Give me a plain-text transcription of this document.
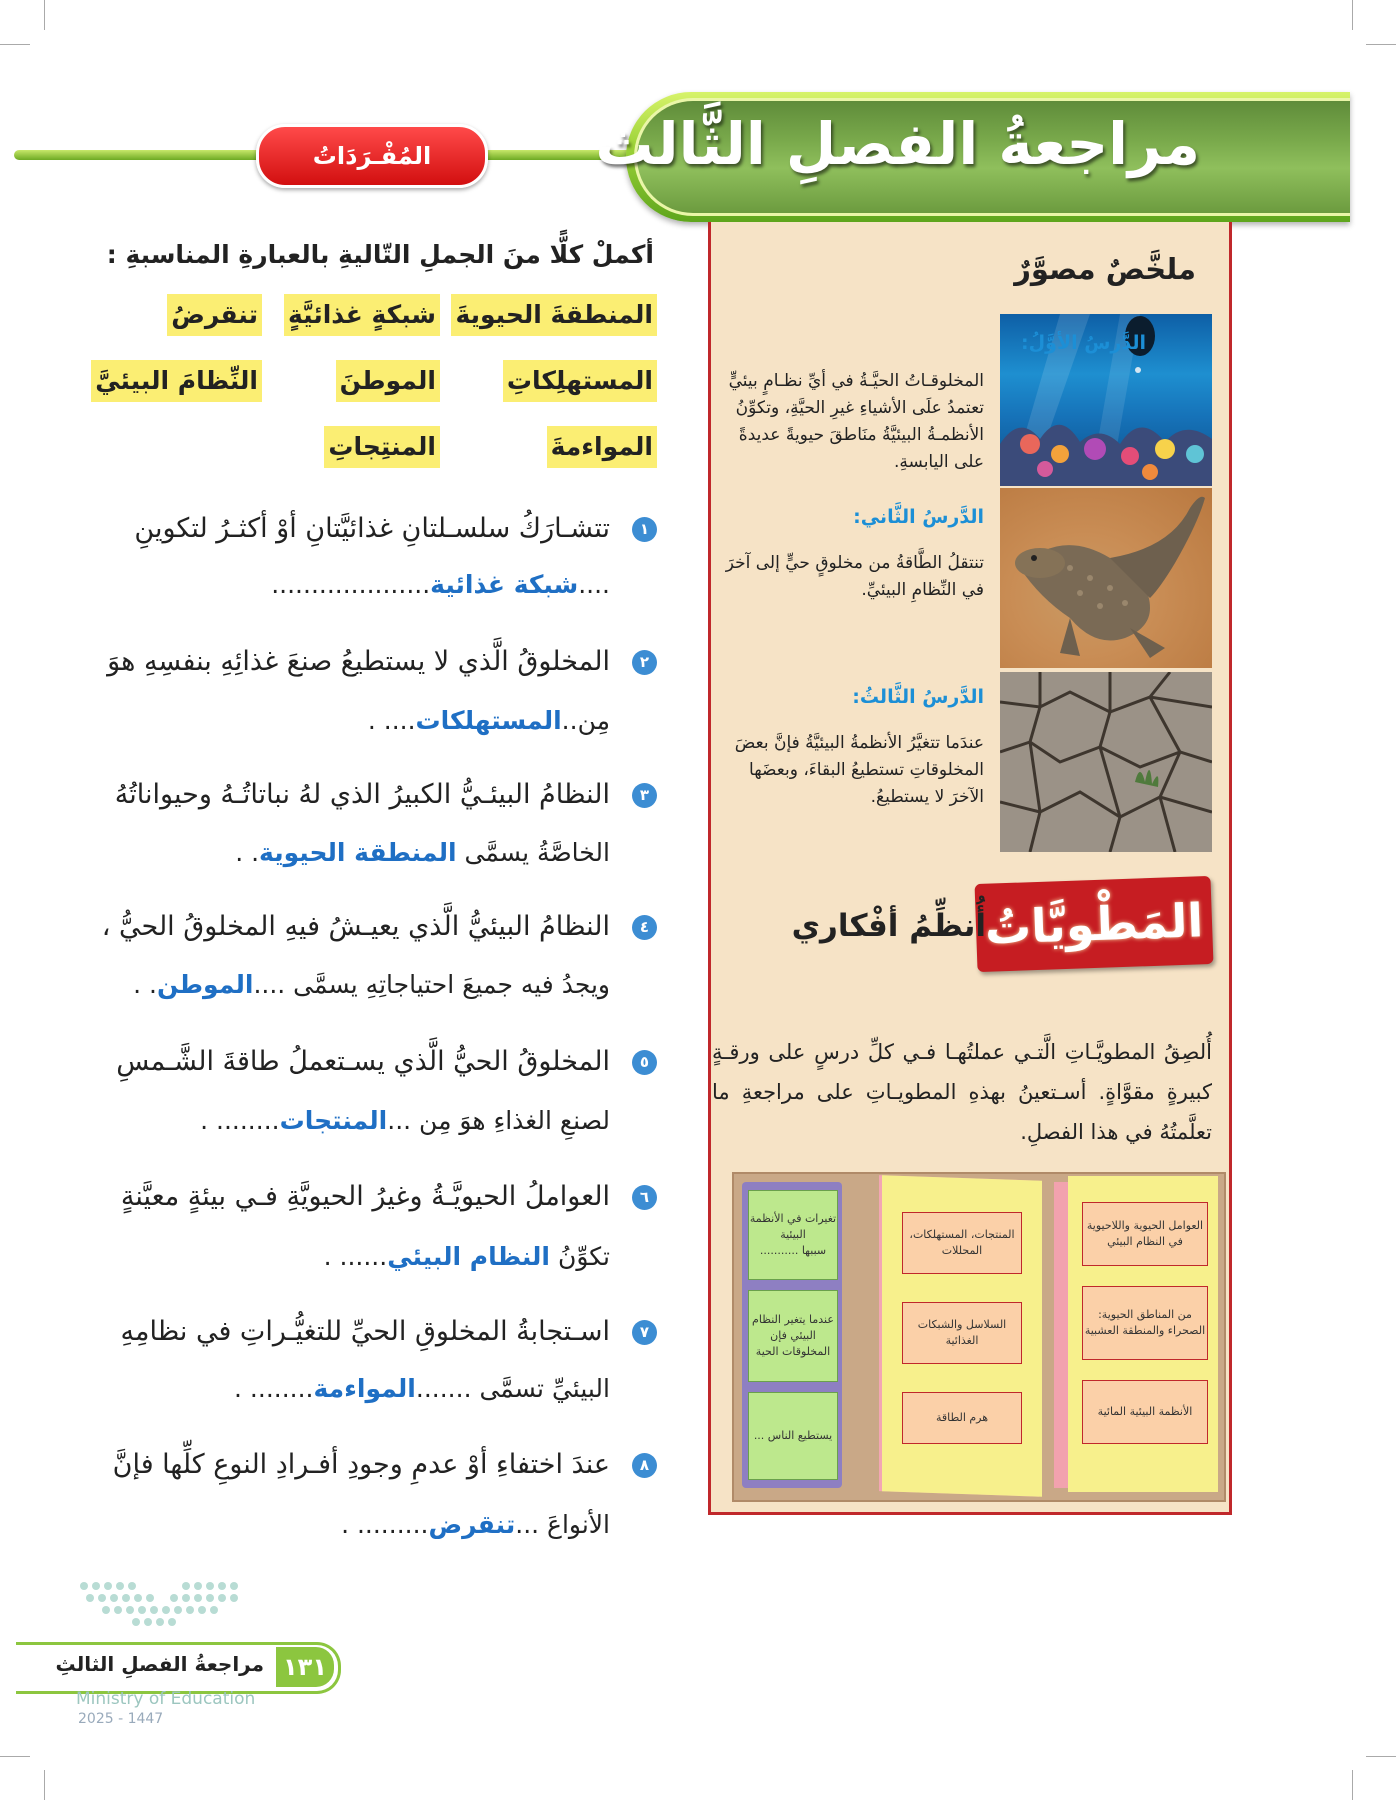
مراجعةُ الفصلِ الثَّالث
المُفْـرَدَاتُ
أكملْ كلًّا منَ الجملِ التّاليةِ بالعبارةِ المناسبةِ :
المنطقةَ الحيويةَ
شبكةٍ غذائيَّةٍ
تنقرضُ
المستهلِكاتِ
الموطنَ
النِّظامَ البيئيَّ
المواءمةَ
المنتِجاتِ
١
تتشـارَكُ سلسـلتانِ غذائيَّتانِ أوْ أكثـرُ لتكوينِ
....شبكة غذائية....................
٢
المخلوقُ الَّذي لا يستطيعُ صنعَ غذائِهِ بنفسِهِ هوَ
مِن..المستهلكات.... .
٣
النظامُ البيئـيُّ الكبيرُ الذي لهُ نباتاتُـهُ وحيواناتُهُ
الخاصَّةُ يسمَّى المنطقة الحيوية. .
٤
النظامُ البيئيُّ الَّذي يعيـشُ فيهِ المخلوقُ الحيُّ ،
ويجدُ فيه جميعَ احتياجاتِهِ يسمَّى ....الموطن. .
٥
المخلوقُ الحيُّ الَّذي يسـتعملُ طاقةَ الشَّـمسِ
لصنعِ الغذاءِ هوَ مِن ...المنتجات........ .
٦
العواملُ الحيويَّـةُ وغيرُ الحيويَّةِ فـي بيئةٍ معيَّنةٍ
تكوِّنُ النظام البيئي...... .
٧
اسـتجابةُ المخلوقِ الحيِّ للتغيُّـراتِ في نظامِهِ
البيئيِّ تسمَّى .......المواءمة........ .
٨
عندَ اختفاءِ أوْ عدمِ وجودِ أفـرادِ النوعِ كلِّها فإنَّ
الأنواعَ ...تنقرض......... .
ملخَّصٌ مصوَّرٌ
الدَّرسُ الأوَّلُ:
المخلوقـاتُ الحيَّـةُ في أيِّ نظـامٍ بيئيٍّ تعتمدُ علَى الأشياءِ غيرِ الحيَّةِ، وتكوِّنُ الأنظمـةُ البيئيَّةُ منَاطقَ حيويةً عديدةً على اليابسةِ.
الدَّرسُ الثَّاني:
تنتقلُ الطَّاقةُ من مخلوقٍ حيٍّ إلى آخرَ في النِّظامِ البيئيِّ.
الدَّرسُ الثَّالثُ:
عندَما تتغيَّرُ الأنظمةُ البيئيَّةُ فإنَّ بعضَ المخلوقاتِ تستطيعُ البقاءَ، وبعضَها الآخرَ لا يستطيعُ.
المَطْويَّاتُ
أُنظِّمُ أفْكاري
أُلصِقُ المطويَّـاتِ الَّتـي عملتُهـا فـي كلِّ درسٍ على ورقـةٍ كبيرةٍ مقوَّاةٍ. أسـتعينُ بهذهِ المطويـاتِ على مراجعةِ ما تعلَّمتُهُ في هذا الفصلِ.
تغيرات في الأنظمة البيئية
سببها ...........
عندما يتغير النظام البيئي فإن المخلوقات الحية
يستطيع الناس ...
المنتجات، المستهلكات، المحللات
السلاسل والشبكات الغذائية
هرم الطاقة
العوامل الحيوية واللاحيوية في النظام البيئي
من المناطق الحيوية: الصحراء والمنطقة العشبية
الأنظمة البيئية المائية
١٣١
مراجعةُ الفصلِ الثالثِ
Ministry of Education
2025 - 1447
